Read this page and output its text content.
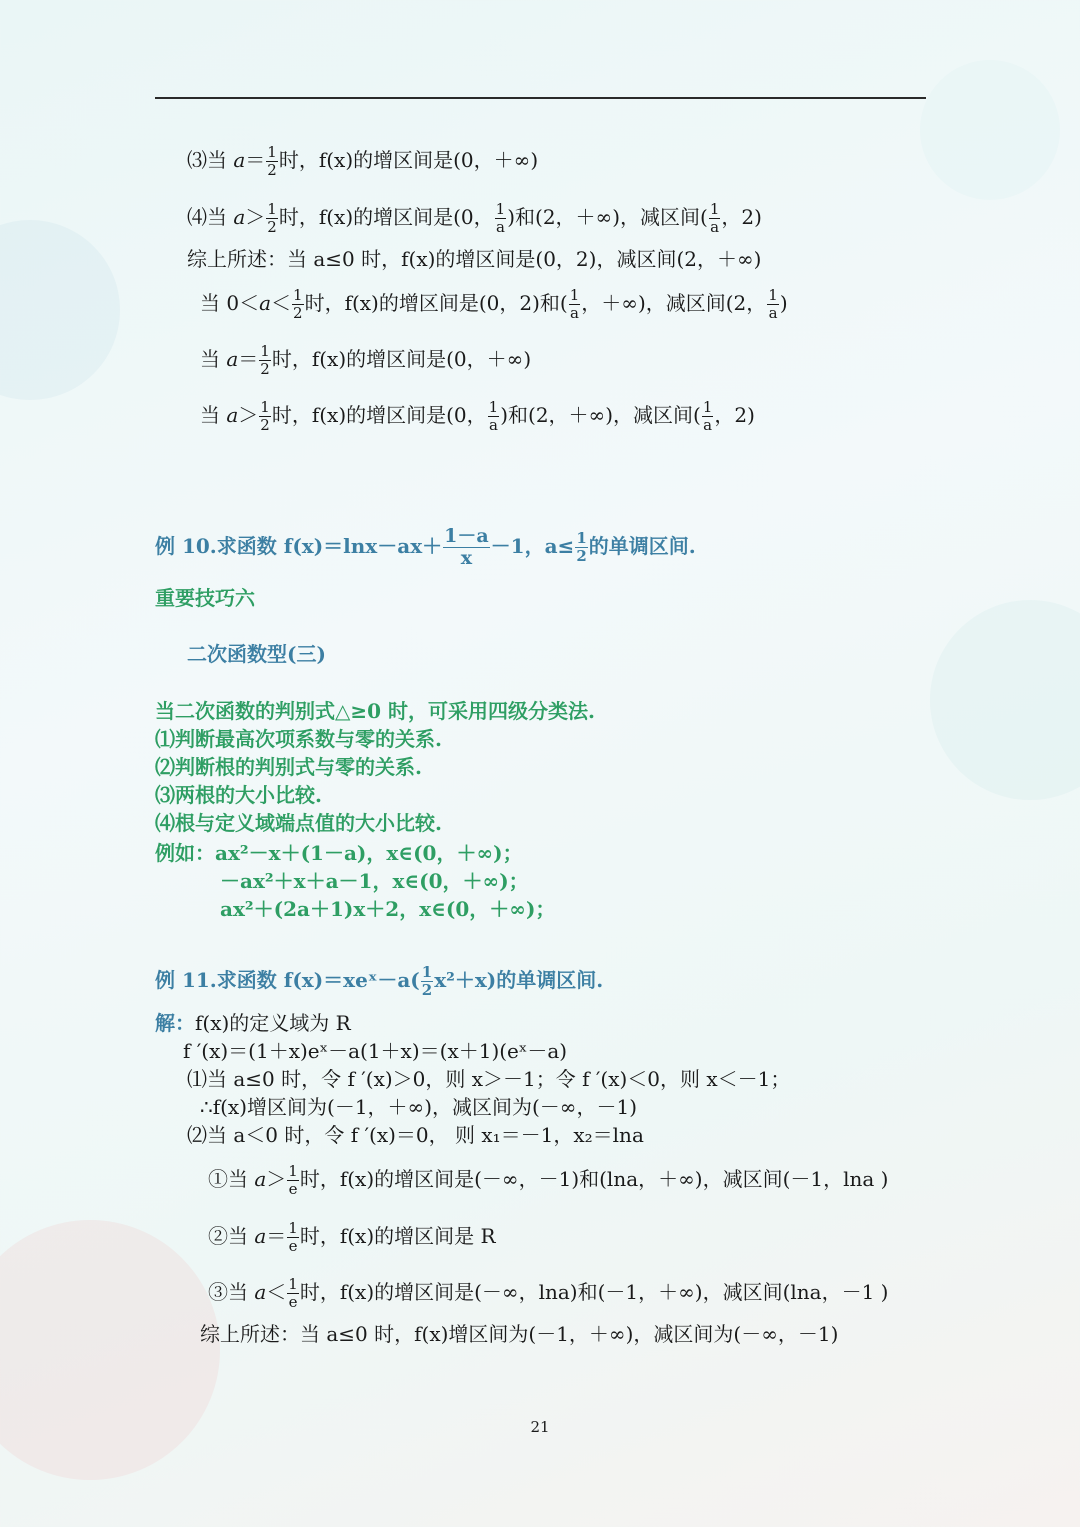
⑶当 $a= \frac{1}{2}$ 时，f(x)的增区间是(0，＋∞)
⑷当 $a> \frac{1}{2}$ 时，f(x)的增区间是(0， $\frac{1}{a}$ )和(2，＋∞)，减区间( $\frac{1}{a}$ ，2)
综上所述：当 a≤0 时，f(x)的增区间是(0，2)，减区间(2，＋∞)
当 $0<a< \frac{1}{2}$ 时，f(x)的增区间是(0，2)和( $\frac{1}{a}$ ，＋∞)，减区间(2， $\frac{1}{a}$ )
当 $a= \frac{1}{2}$ 时，f(x)的增区间是(0，＋∞)
当 $a> \frac{1}{2}$ 时，f(x)的增区间是(0， $\frac{1}{a}$ )和(2，＋∞)，减区间( $\frac{1}{a}$ ，2)
例 10.求函数 $f(x)=\ln x-ax+ \frac{1-a}{x} -1$，$a\le \frac{1}{2}$ 的单调区间.
重要技巧六
二次函数型(三)
当二次函数的判别式△≥0 时，可采用四级分类法.
⑴判断最高次项系数与零的关系.
⑵判断根的判别式与零的关系.
⑶两根的大小比较.
⑷根与定义域端点值的大小比较.
例如：ax²－x＋(1－a)，x∈(0，＋∞)；
－ax²＋x＋a－1，x∈(0，＋∞)；
ax²＋(2a＋1)x＋2，x∈(0，＋∞)；
例 11.求函数 f(x)＝xeˣ－a( $\frac{1}{2} x^2+x$)的单调区间.
解：f(x)的定义域为 R
f ′(x)＝(1＋x)eˣ－a(1＋x)＝(x＋1)(eˣ－a)
⑴当 a≤0 时，令 f ′(x)＞0，则 x＞－1；令 f ′(x)＜0，则 x＜－1；
∴f(x)增区间为(－1，＋∞)，减区间为(－∞，－1)
⑵当 a＜0 时，令 f ′(x)＝0， 则 x₁＝－1，x₂＝lna
①当 $a> \frac{1}{e}$ 时，f(x)的增区间是(－∞，－1)和(lna，＋∞)，减区间(－1，lna )
②当 $a= \frac{1}{e}$ 时，f(x)的增区间是 R
③当 $a< \frac{1}{e}$ 时，f(x)的增区间是(－∞，lna)和(－1，＋∞)，减区间(lna，－1 )
综上所述：当 a≤0 时，f(x)增区间为(－1，＋∞)，减区间为(－∞，－1)
21
